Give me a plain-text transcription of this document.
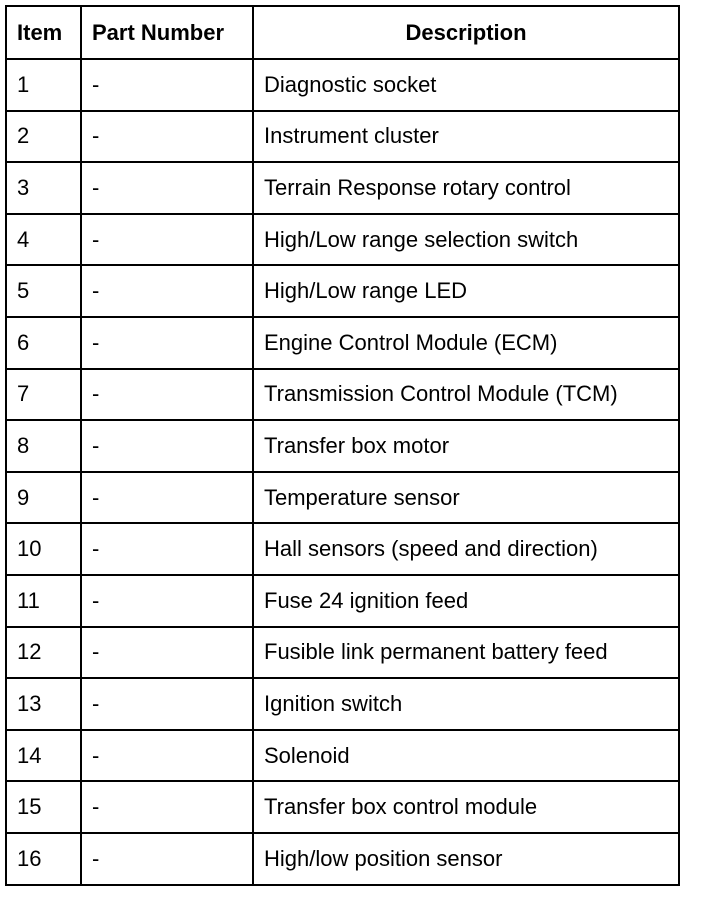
Item	Part Number	Description
1	-	Diagnostic socket
2	-	Instrument cluster
3	-	Terrain Response rotary control
4	-	High/Low range selection switch
5	-	High/Low range LED
6	-	Engine Control Module (ECM)
7	-	Transmission Control Module (TCM)
8	-	Transfer box motor
9	-	Temperature sensor
10	-	Hall sensors (speed and direction)
11	-	Fuse 24 ignition feed
12	-	Fusible link permanent battery feed
13	-	Ignition switch
14	-	Solenoid
15	-	Transfer box control module
16	-	High/low position sensor
